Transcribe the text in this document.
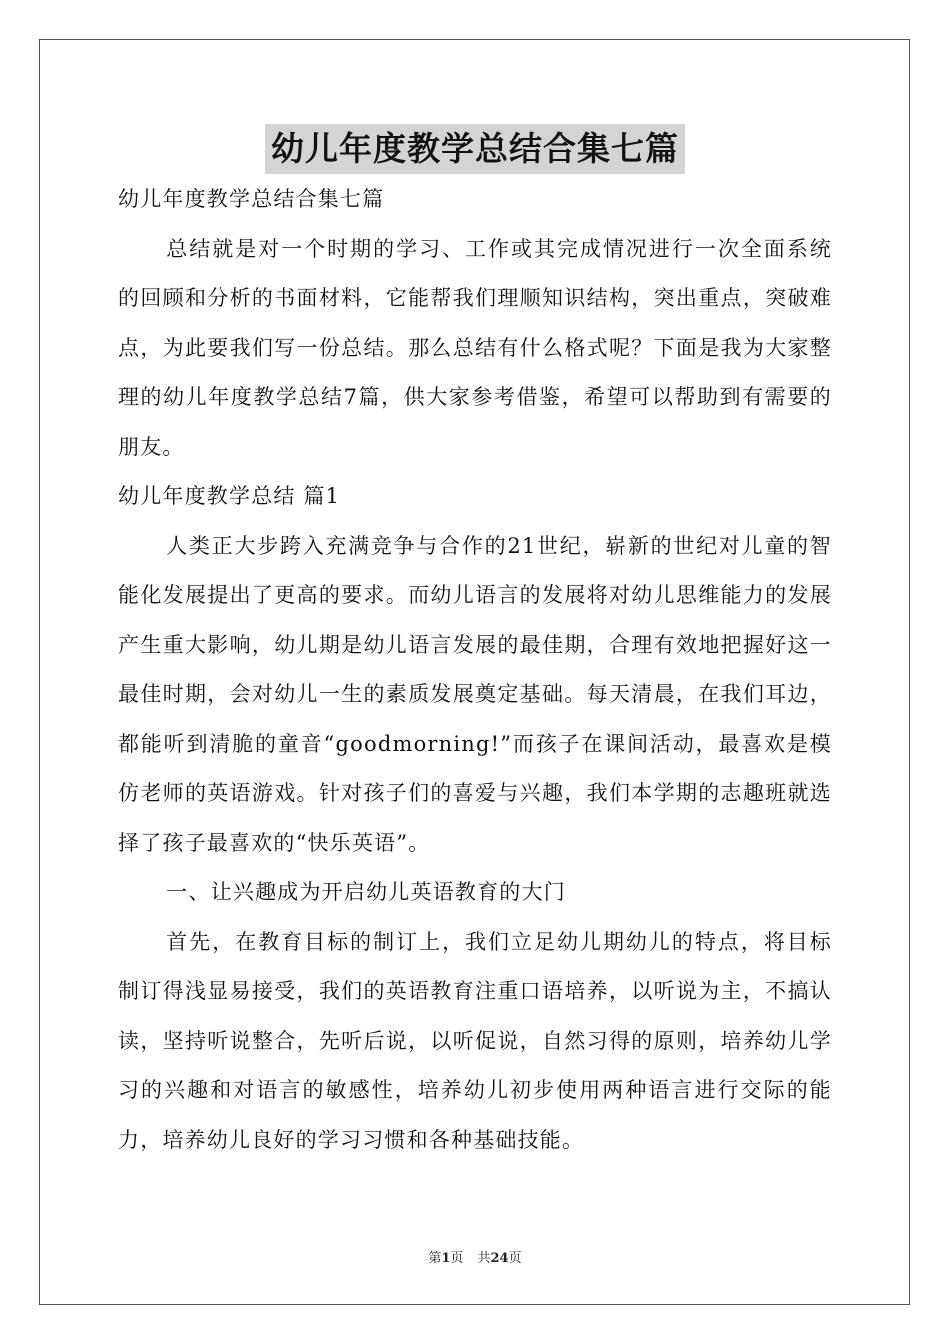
幼儿年度教学总结合集七篇

幼儿年度教学总结合集七篇

总结就是对一个时期的学习、工作或其完成情况进行一次全面系统的回顾和分析的书面材料，它能帮我们理顺知识结构，突出重点，突破难点，为此要我们写一份总结。那么总结有什么格式呢？下面是我为大家整理的幼儿年度教学总结7篇，供大家参考借鉴，希望可以帮助到有需要的朋友。

幼儿年度教学总结 篇1

人类正大步跨入充满竞争与合作的21世纪，崭新的世纪对儿童的智能化发展提出了更高的要求。而幼儿语言的发展将对幼儿思维能力的发展产生重大影响，幼儿期是幼儿语言发展的最佳期，合理有效地把握好这一最佳时期，会对幼儿一生的素质发展奠定基础。每天清晨，在我们耳边，都能听到清脆的童音“goodmorning!”而孩子在课间活动，最喜欢是模仿老师的英语游戏。针对孩子们的喜爱与兴趣，我们本学期的志趣班就选择了孩子最喜欢的“快乐英语”。

一、让兴趣成为开启幼儿英语教育的大门

首先，在教育目标的制订上，我们立足幼儿期幼儿的特点，将目标制订得浅显易接受，我们的英语教育注重口语培养，以听说为主，不搞认读，坚持听说整合，先听后说，以听促说，自然习得的原则，培养幼儿学习的兴趣和对语言的敏感性，培养幼儿初步使用两种语言进行交际的能力，培养幼儿良好的学习习惯和各种基础技能。

第1页 共24页
